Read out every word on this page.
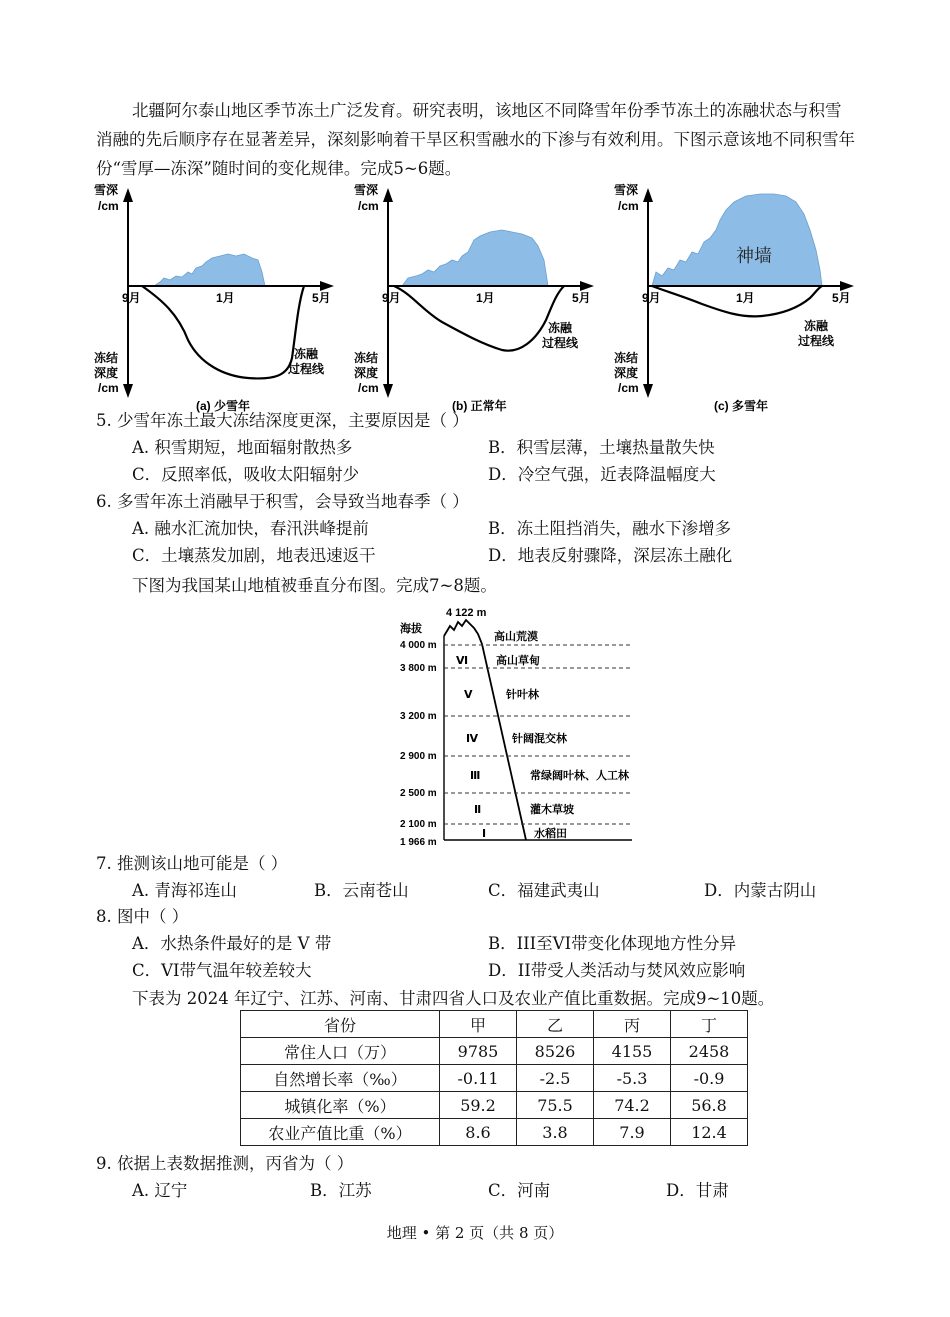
北疆阿尔泰山地区季节冻土广泛发育。研究表明，该地区不同降雪年份季节冻土的冻融状态与积雪消融的先后顺序存在显著差异，深刻影响着干旱区积雪融水的下渗与有效利用。下图示意该地不同积雪年份“雪厚—冻深”随时间的变化规律。完成5~6题。

雪深
/cm
冻结
深度
/cm
9月	1月	5月
冻融
过程线
(a) 少雪年
雪深
/cm
冻结
深度
/cm
9月	1月	5月
冻融
过程线
(b) 正常年
雪深
/cm
冻结
深度
/cm
神墙
9月	1月	5月
冻融
过程线
(c) 多雪年
5. 少雪年冻土最大冻结深度更深，主要原因是（ ）
A. 积雪期短，地面辐射散热多	B．积雪层薄，土壤热量散失快
C．反照率低，吸收太阳辐射少	D．冷空气强，近表降温幅度大
6. 多雪年冻土消融早于积雪，会导致当地春季（ ）
A. 融水汇流加快，春汛洪峰提前	B．冻土阻挡消失，融水下渗增多
C．土壤蒸发加剧，地表迅速返干	D．地表反射骤降，深层冻土融化
下图为我国某山地植被垂直分布图。完成7~8题。
4 122 m
海拔
4 000 m
3 800 m
3 200 m
2 900 m
2 500 m
2 100 m
1 966 m
高山荒漠
Ⅵ	高山草甸
Ⅴ	针叶林
Ⅳ	针阔混交林
Ⅲ	常绿阔叶林、人工林
Ⅱ	灌木草坡
Ⅰ	水稻田
7. 推测该山地可能是（ ）
A. 青海祁连山	B．云南苍山	C．福建武夷山	D．内蒙古阴山
8. 图中（ ）
A．水热条件最好的是 V 带	B．III至VI带变化体现地方性分异
C．VI带气温年较差较大	D．II带受人类活动与焚风效应影响
下表为 2024 年辽宁、江苏、河南、甘肃四省人口及农业产值比重数据。完成9~10题。
省份	甲	乙	丙	丁
常住人口（万）	9785	8526	4155	2458
自然增长率（‰）	-0.11	-2.5	-5.3	-0.9
城镇化率（%）	59.2	75.5	74.2	56.8
农业产值比重（%）	8.6	3.8	7.9	12.4
9. 依据上表数据推测，丙省为（ ）
A. 辽宁	B．江苏	C．河南	D．甘肃
地理 • 第 2 页（共 8 页）
